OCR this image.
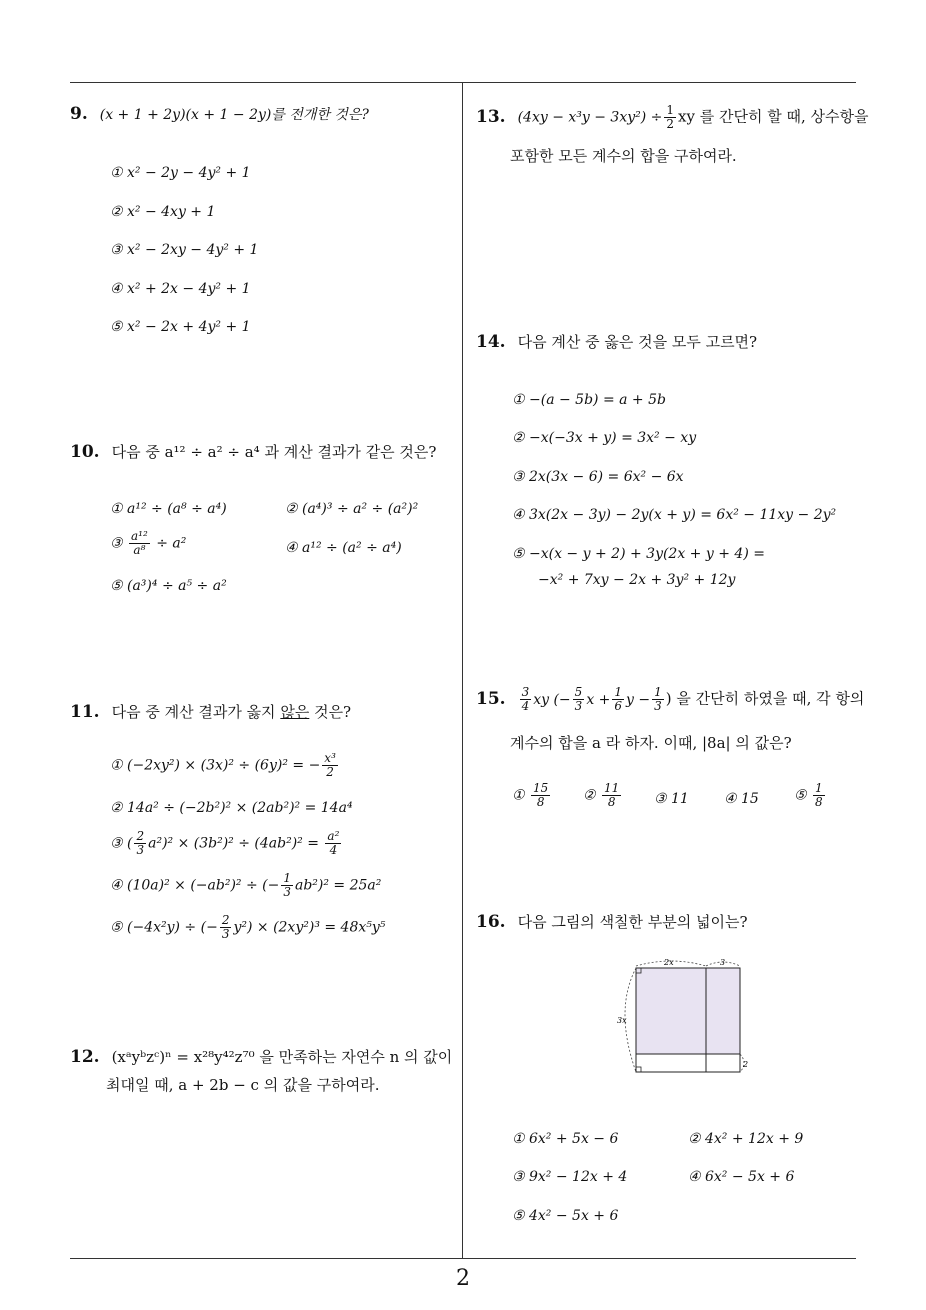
9. (x + 1 + 2y)(x + 1 − 2y)를 전개한 것은?
① x² − 2y − 4y² + 1
② x² − 4xy + 1
③ x² − 2xy − 4y² + 1
④ x² + 2x − 4y² + 1
⑤ x² − 2x + 4y² + 1
10. 다음 중 a¹² ÷ a² ÷ a⁴ 과 계산 결과가 같은 것은?
① a¹² ÷ (a⁸ ÷ a⁴)	② (a⁴)³ ÷ a² ÷ (a²)²
③ $\frac{\text{a¹²}}{\text{a⁸}} \div a^2$	④ a¹² ÷ (a² ÷ a⁴)
⑤ (a³)⁴ ÷ a⁵ ÷ a²
11. 다음 중 계산 결과가 옳지 않은 것은?
① (−2xy²) × (3x)² ÷ (6y)² = − $\frac{\text{x³}}{2}$
② 14a² ÷ (−2b²)² × (2ab²)² = 14a⁴
③ ( $\frac{2}{3} a^2)^2 \times (3b^2)^2 \div (4ab^2)^2 = \frac{\text{a²}}{4}$
④ (10a)² × (−ab²)² ÷ (− $\frac{1}{3} ab^2)^2 = 25a^2$
⑤ (−4x²y) ÷ (− $\frac{2}{3} y^2) \times (2xy^2)^3 = 48x^5y^5$
12. (xᵃyᵇzᶜ)ⁿ = x²⁸y⁴²z⁷⁰ 을 만족하는 자연수 n 의 값이
최대일 때, a + 2b − c 의 값을 구하여라.
13. $(4xy - x^3y - 3xy^2) \div \frac{1}{2}$ xy 를 간단히 할 때, 상수항을
포함한 모든 계수의 합을 구하여라.
14. 다음 계산 중 옳은 것을 모두 고르면?
① −(a − 5b) = a + 5b
② −x(−3x + y) = 3x² − xy
③ 2x(3x − 6) = 6x² − 6x
④ 3x(2x − 3y) − 2y(x + y) = 6x² − 11xy − 2y²
⑤ −x(x − y + 2) + 3y(2x + y + 4) =
−x² + 7xy − 2x + 3y² + 12y
15. $\frac{3}{4}$ xy (− $\frac{5}{3}$ $x + \frac{1}{6}$ $y - \frac{1}{3}$ ) 을 간단히 하였을 때, 각 항의
계수의 합을 a 라 하자. 이때, |8a| 의 값은?
① $\frac{15}{8}$ ② $\frac{11}{8}$ ③ 11	④ 15	⑤ $\frac{1}{8}$
16. 다음 그림의 색칠한 부분의 넓이는?
2x	3
3x
2
① 6x² + 5x − 6	② 4x² + 12x + 9
③ 9x² − 12x + 4	④ 6x² − 5x + 6
⑤ 4x² − 5x + 6
2
